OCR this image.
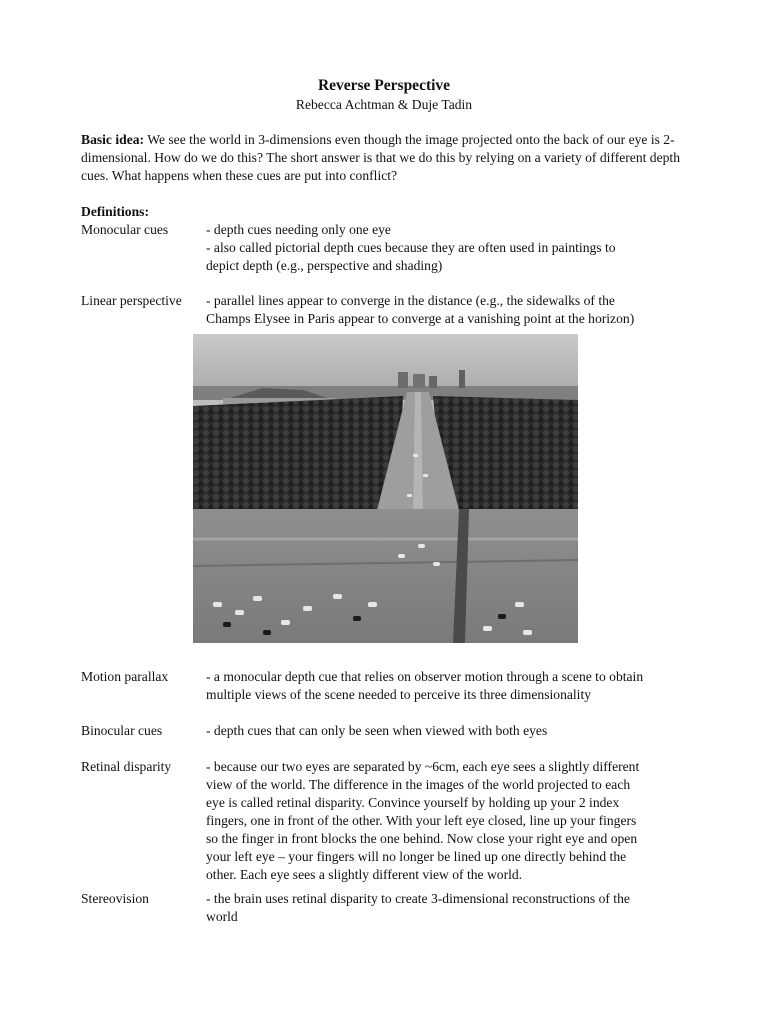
Reverse Perspective
Rebecca Achtman & Duje Tadin
Basic idea: We see the world in 3-dimensions even though the image projected onto the back of our eye is 2-dimensional. How do we do this? The short answer is that we do this by relying on a variety of different depth cues. What happens when these cues are put into conflict?
Definitions:
Monocular cues	- depth cues needing only one eye
- also called pictorial depth cues because they are often used in paintings to
depict depth (e.g., perspective and shading)
Linear perspective	- parallel lines appear to converge in the distance (e.g., the sidewalks of the
Champs Elysee in Paris appear to converge at a vanishing point at the horizon)
Motion parallax	- a monocular depth cue that relies on observer motion through a scene to obtain
multiple views of the scene needed to perceive its three dimensionality
Binocular cues	- depth cues that can only be seen when viewed with both eyes
Retinal disparity	- because our two eyes are separated by ~6cm, each eye sees a slightly different
view of the world. The difference in the images of the world projected to each
eye is called retinal disparity. Convince yourself by holding up your 2 index
fingers, one in front of the other. With your left eye closed, line up your fingers
so the finger in front blocks the one behind. Now close your right eye and open
your left eye – your fingers will no longer be lined up one directly behind the
other. Each eye sees a slightly different view of the world.
Stereovision	- the brain uses retinal disparity to create 3-dimensional reconstructions of the
world
